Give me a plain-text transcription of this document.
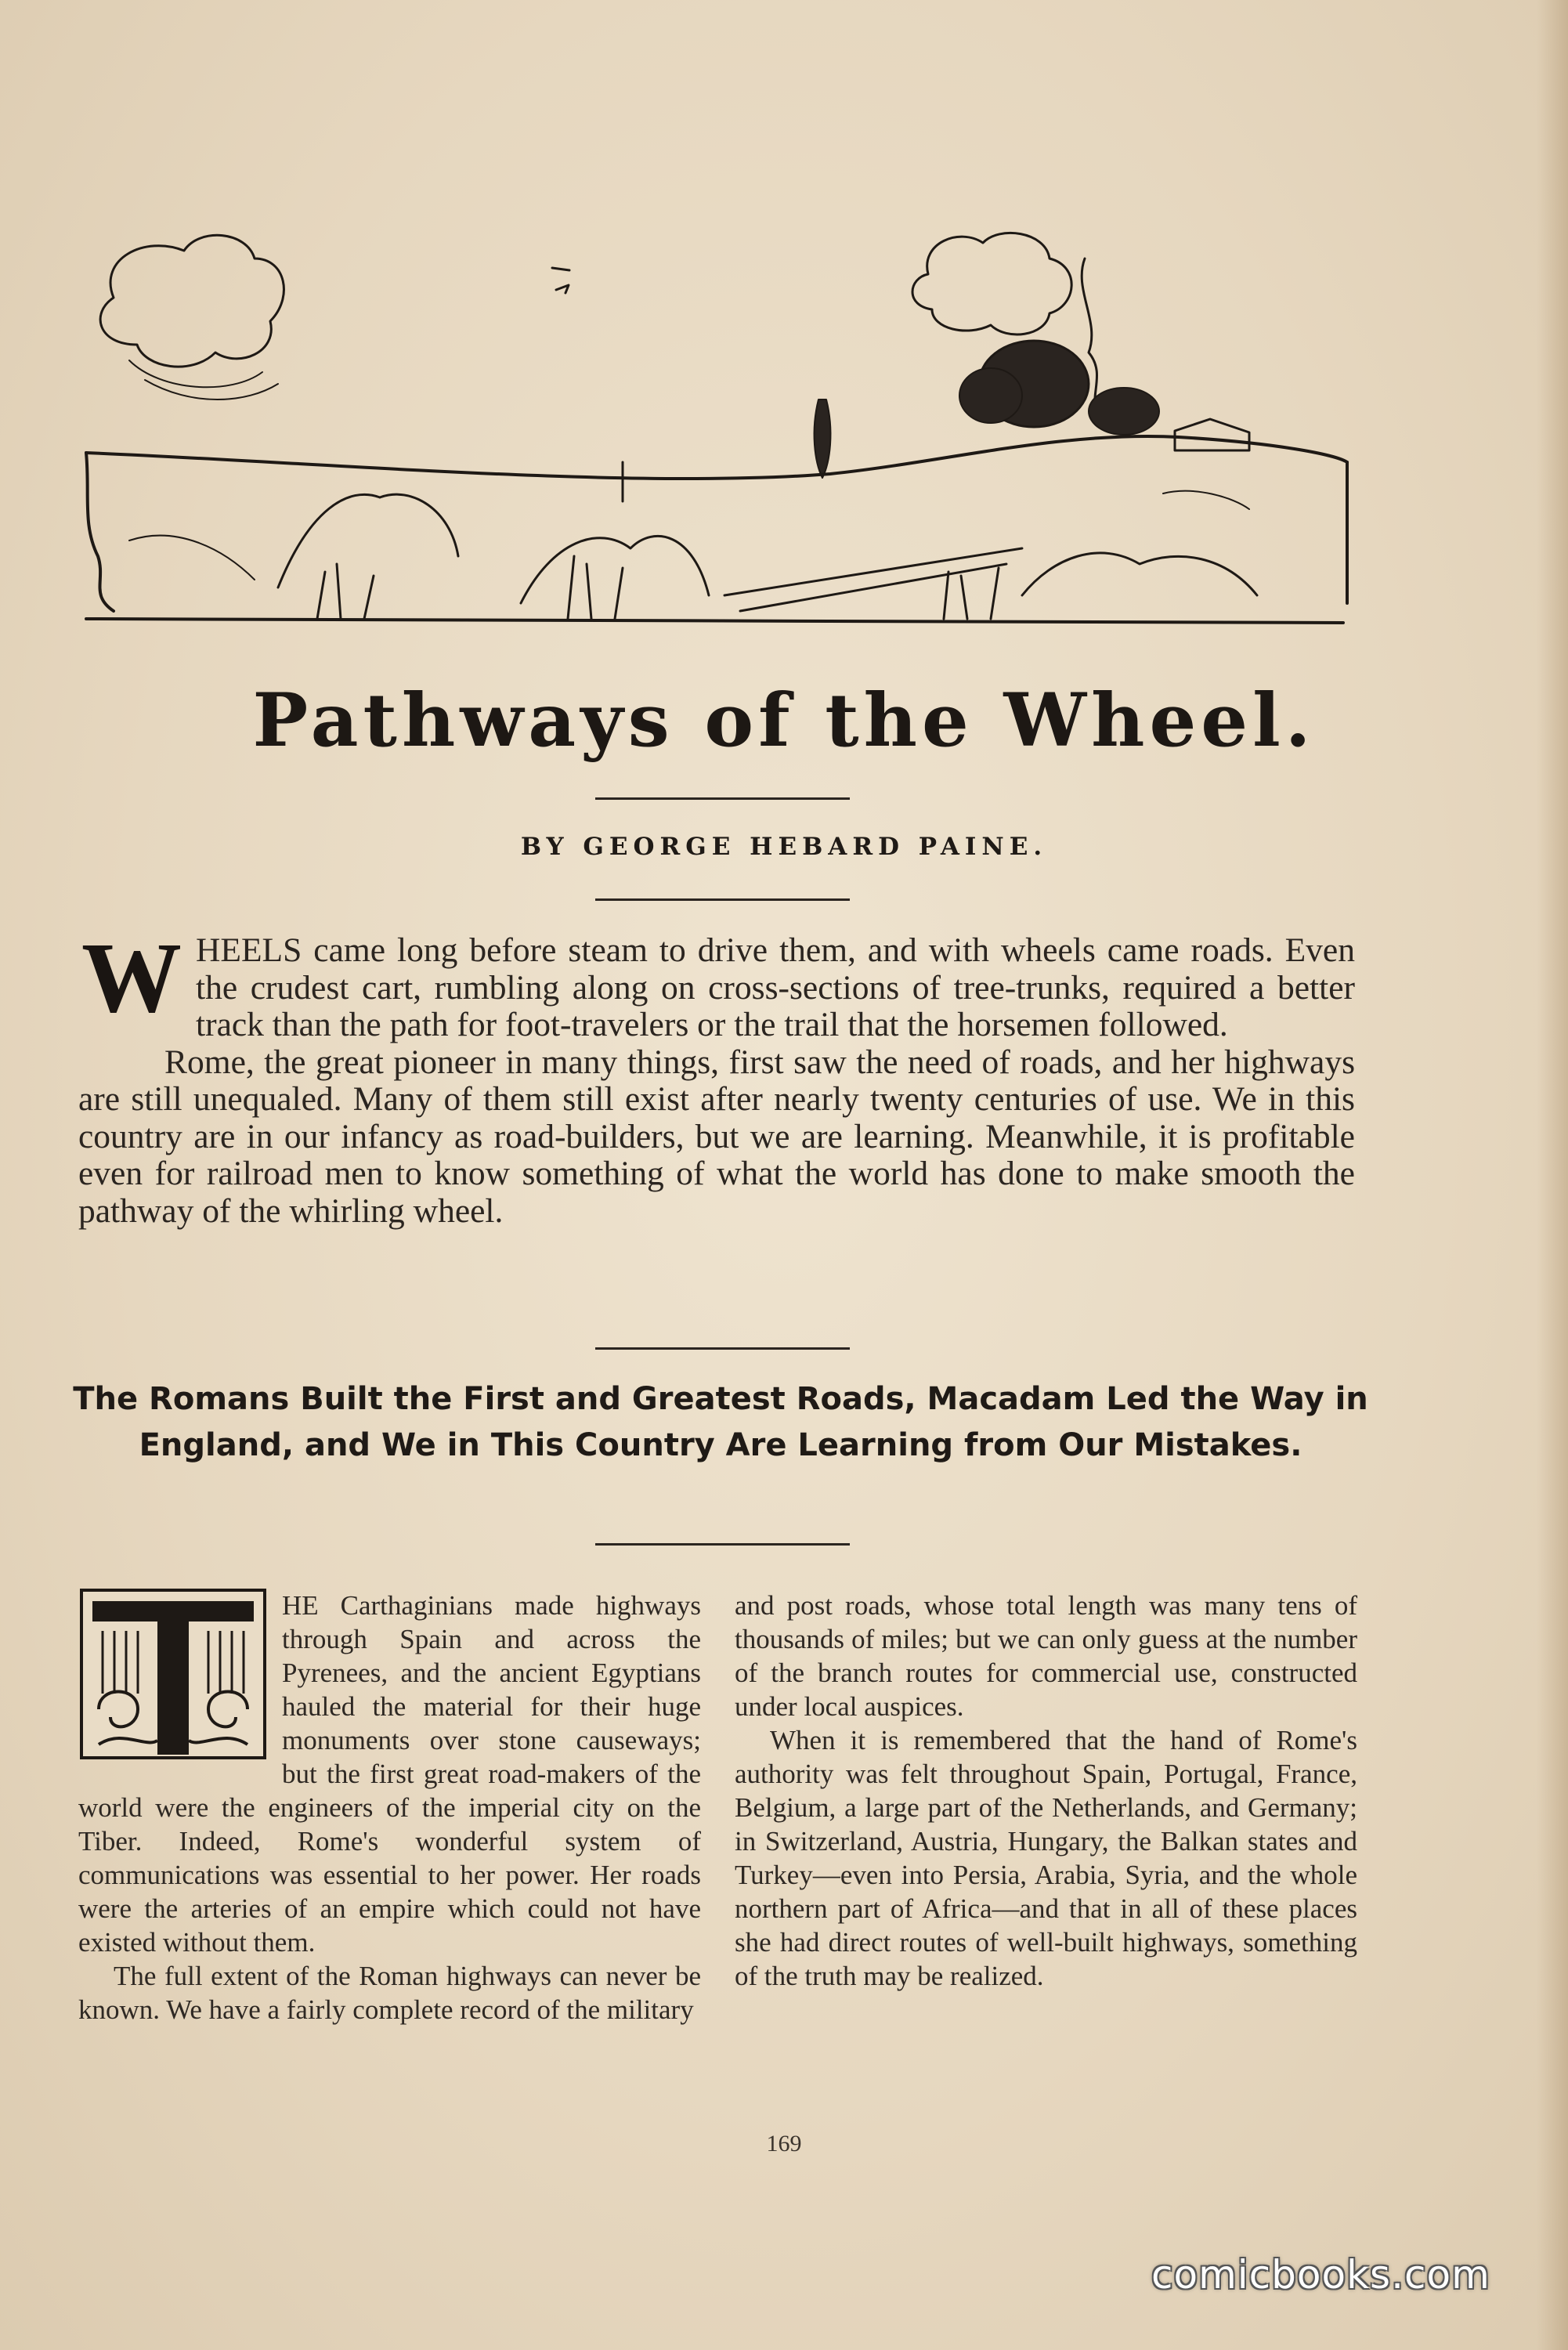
Pathways of the Wheel.
BY GEORGE HEBARD PAINE.

WHEELS came long before steam to drive them, and with wheels came roads. Even the crudest cart, rumbling along on cross-sections of tree-trunks, required a better track than the path for foot-travelers or the trail that the horsemen followed.

Rome, the great pioneer in many things, first saw the need of roads, and her highways are still unequaled. Many of them still exist after nearly twenty centuries of use. We in this country are in our infancy as road-builders, but we are learning. Meanwhile, it is profitable even for railroad men to know something of what the world has done to make smooth the pathway of the whirling wheel.

The Romans Built the First and Greatest Roads, Macadam Led the Way in England, and We in This Country Are Learning from Our Mistakes.

HE Carthaginians made highways through Spain and across the Pyrenees, and the ancient Egyptians hauled the material for their huge monuments over stone causeways; but the first great road-makers of the world were the engineers of the imperial city on the Tiber. Indeed, Rome's wonderful system of communications was essential to her power. Her roads were the arteries of an empire which could not have existed without them.

The full extent of the Roman highways can never be known. We have a fairly complete record of the military

and post roads, whose total length was many tens of thousands of miles; but we can only guess at the number of the branch routes for commercial use, constructed under local auspices.

When it is remembered that the hand of Rome's authority was felt throughout Spain, Portugal, France, Belgium, a large part of the Netherlands, and Germany; in Switzerland, Austria, Hungary, the Balkan states and Turkey—even into Persia, Arabia, Syria, and the whole northern part of Africa—and that in all of these places she had direct routes of well-built highways, something of the truth may be realized.

169
comicbooks.com
